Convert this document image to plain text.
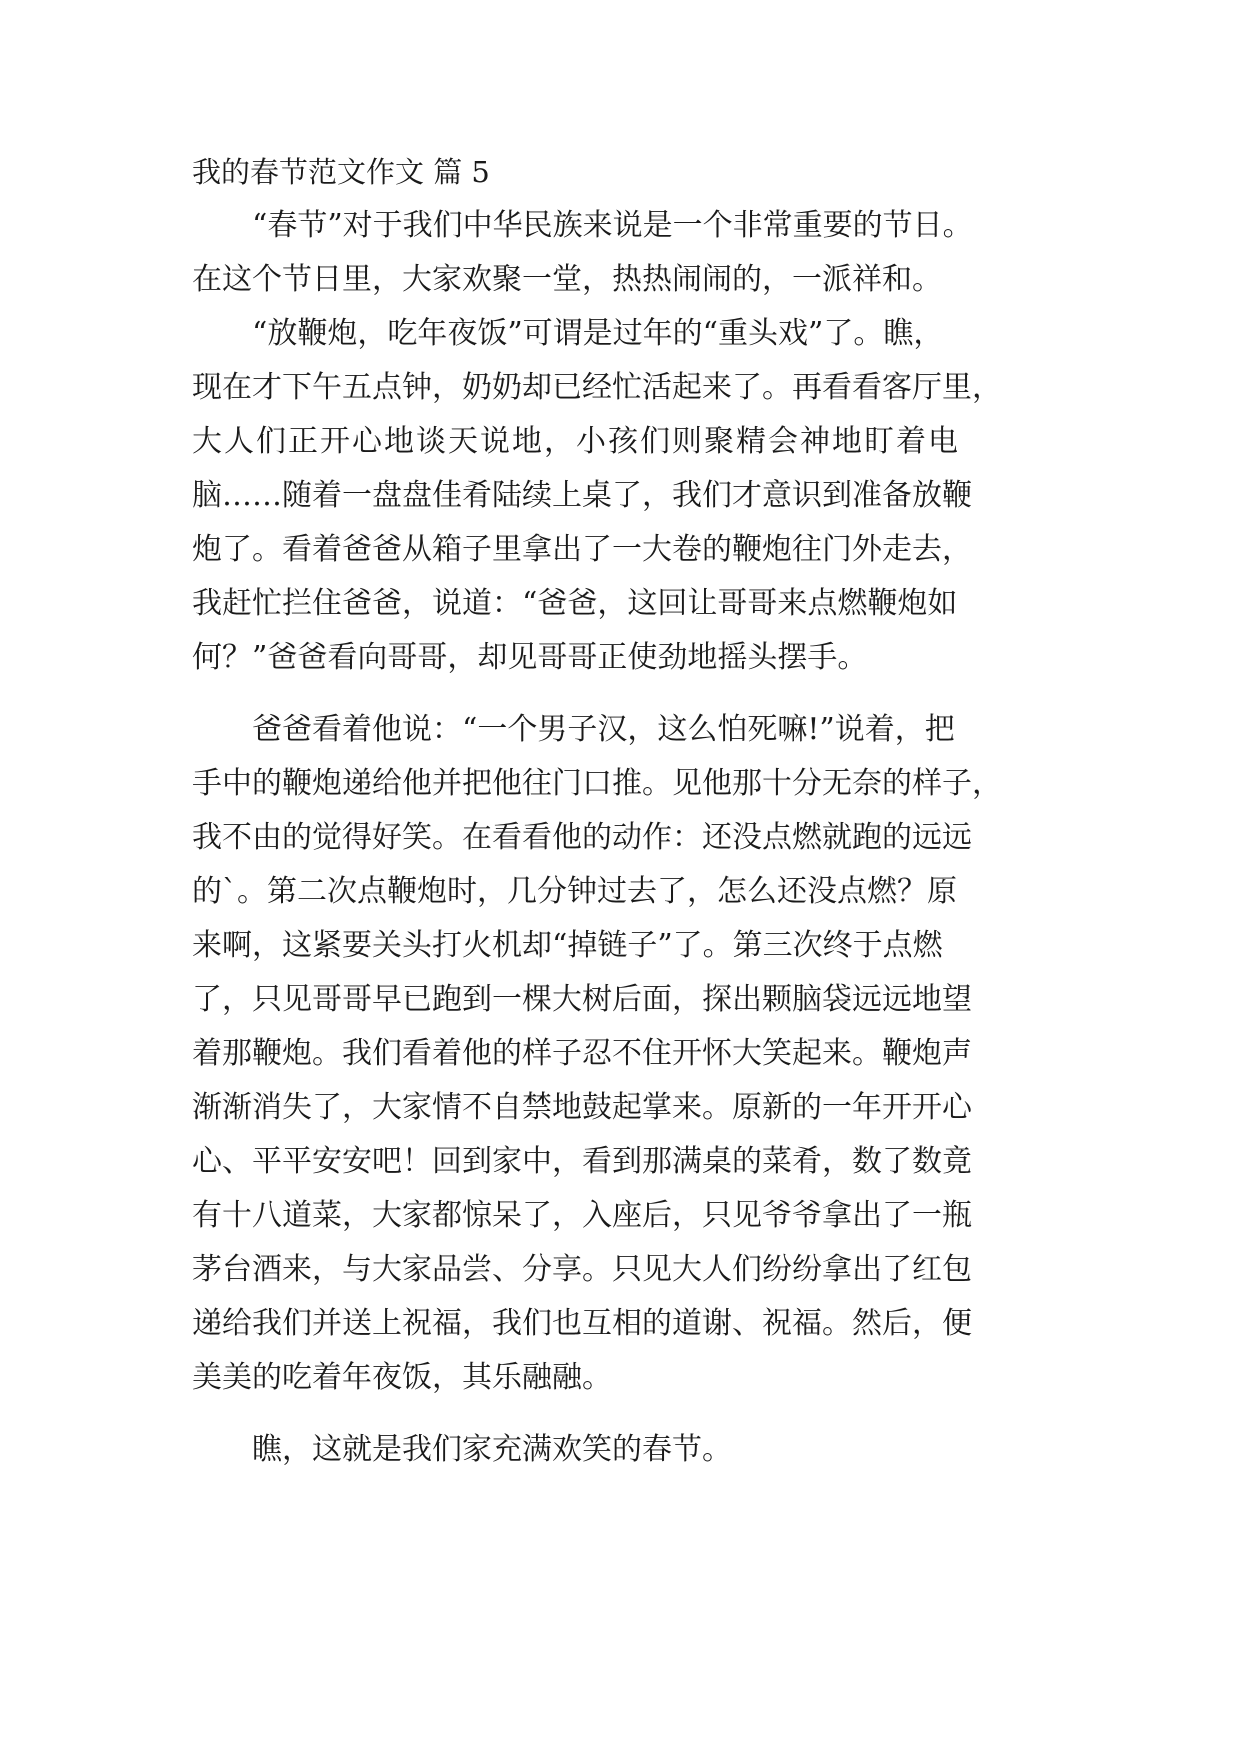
我的春节范文作文 篇 5
“春节”对于我们中华民族来说是一个非常重要的节日。
在这个节日里，大家欢聚一堂，热热闹闹的，一派祥和。
“放鞭炮，吃年夜饭”可谓是过年的“重头戏”了。瞧，
现在才下午五点钟，奶奶却已经忙活起来了。再看看客厅里，
大人们正开心地谈天说地，小孩们则聚精会神地盯着电
脑……随着一盘盘佳肴陆续上桌了，我们才意识到准备放鞭
炮了。看着爸爸从箱子里拿出了一大卷的鞭炮往门外走去，
我赶忙拦住爸爸，说道：“爸爸，这回让哥哥来点燃鞭炮如
何？”爸爸看向哥哥，却见哥哥正使劲地摇头摆手。
爸爸看着他说：“一个男子汉，这么怕死嘛!”说着，把
手中的鞭炮递给他并把他往门口推。见他那十分无奈的样子，
我不由的觉得好笑。在看看他的动作：还没点燃就跑的远远
的`。第二次点鞭炮时，几分钟过去了，怎么还没点燃？原
来啊，这紧要关头打火机却“掉链子”了。第三次终于点燃
了，只见哥哥早已跑到一棵大树后面，探出颗脑袋远远地望
着那鞭炮。我们看着他的样子忍不住开怀大笑起来。鞭炮声
渐渐消失了，大家情不自禁地鼓起掌来。原新的一年开开心
心、平平安安吧！回到家中，看到那满桌的菜肴，数了数竟
有十八道菜，大家都惊呆了，入座后，只见爷爷拿出了一瓶
茅台酒来，与大家品尝、分享。只见大人们纷纷拿出了红包
递给我们并送上祝福，我们也互相的道谢、祝福。然后，便
美美的吃着年夜饭，其乐融融。
瞧，这就是我们家充满欢笑的春节。
